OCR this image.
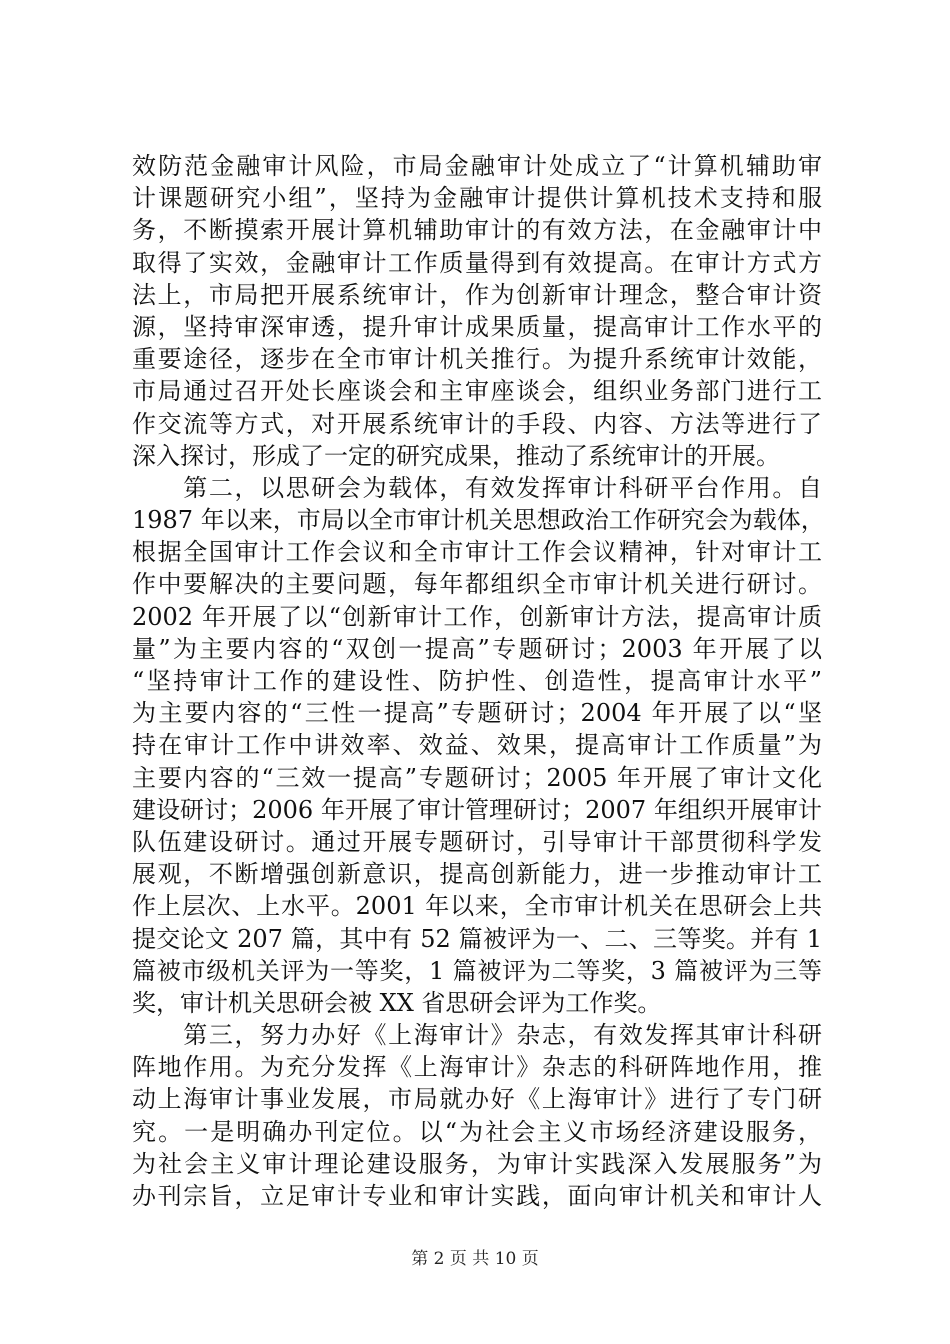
效防范金融审计风险，市局金融审计处成立了“计算机辅助审
计课题研究小组”，坚持为金融审计提供计算机技术支持和服
务，不断摸索开展计算机辅助审计的有效方法，在金融审计中
取得了实效，金融审计工作质量得到有效提高。在审计方式方
法上，市局把开展系统审计，作为创新审计理念，整合审计资
源，坚持审深审透，提升审计成果质量，提高审计工作水平的
重要途径，逐步在全市审计机关推行。为提升系统审计效能，
市局通过召开处长座谈会和主审座谈会，组织业务部门进行工
作交流等方式，对开展系统审计的手段、内容、方法等进行了
深入探讨，形成了一定的研究成果，推动了系统审计的开展。
　　第二，以思研会为载体，有效发挥审计科研平台作用。自
1987 年以来，市局以全市审计机关思想政治工作研究会为载体，
根据全国审计工作会议和全市审计工作会议精神，针对审计工
作中要解决的主要问题，每年都组织全市审计机关进行研讨。
2002 年开展了以“创新审计工作，创新审计方法，提高审计质
量”为主要内容的“双创一提高”专题研讨；2003 年开展了以
“坚持审计工作的建设性、防护性、创造性，提高审计水平”
为主要内容的“三性一提高”专题研讨；2004 年开展了以“坚
持在审计工作中讲效率、效益、效果，提高审计工作质量”为
主要内容的“三效一提高”专题研讨；2005 年开展了审计文化
建设研讨；2006 年开展了审计管理研讨；2007 年组织开展审计
队伍建设研讨。通过开展专题研讨，引导审计干部贯彻科学发
展观，不断增强创新意识，提高创新能力，进一步推动审计工
作上层次、上水平。2001 年以来，全市审计机关在思研会上共
提交论文 207 篇，其中有 52 篇被评为一、二、三等奖。并有 1
篇被市级机关评为一等奖，1 篇被评为二等奖，3 篇被评为三等
奖，审计机关思研会被 XX 省思研会评为工作奖。
　　第三，努力办好《上海审计》杂志，有效发挥其审计科研
阵地作用。为充分发挥《上海审计》杂志的科研阵地作用，推
动上海审计事业发展，市局就办好《上海审计》进行了专门研
究。一是明确办刊定位。以“为社会主义市场经济建设服务，
为社会主义审计理论建设服务，为审计实践深入发展服务”为
办刊宗旨，立足审计专业和审计实践，面向审计机关和审计人
第 2 页 共 10 页
